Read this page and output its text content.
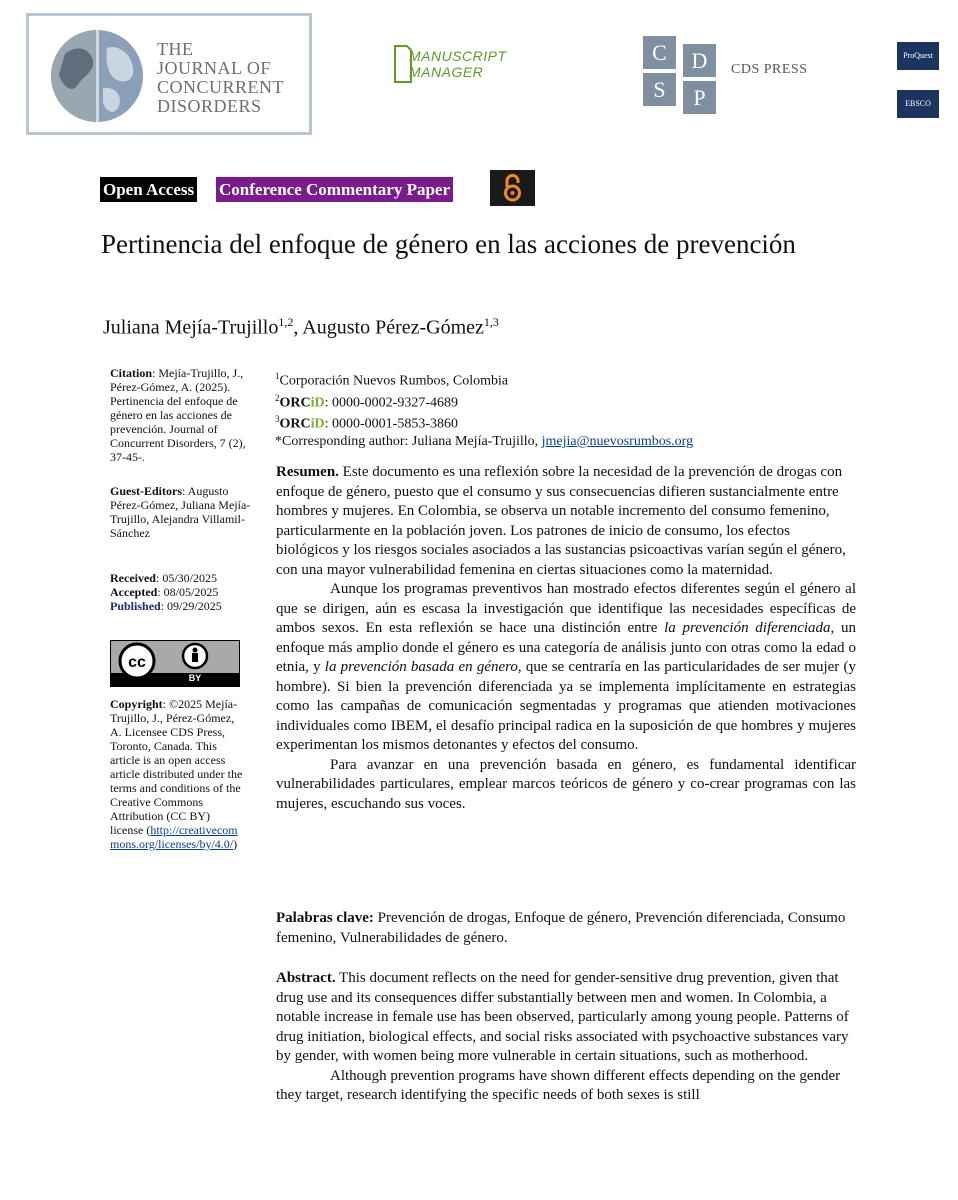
THE
JOURNAL OF
CONCURRENT
DISORDERS
MANUSCRIPT
MANAGER
C	D
S	P
CDS PRESS
ProQuest
EBSCO
Open Access Conference Commentary Paper
Pertinencia del enfoque de género en las acciones de prevención
Juliana Mejía-Trujillo$^{1,2}$, Augusto Pérez-Gómez$^{1,3}$
Citation: Mejía-Trujillo, J., Pérez-Gómez, A. (2025). Pertinencia del enfoque de género en las acciones de prevención. Journal of Concurrent Disorders, 7 (2), 37-45-.
Guest-Editors: Augusto Pérez-Gómez, Juliana Mejía-Trujillo, Alejandra Villamil-Sánchez
Received: 05/30/2025
Accepted: 08/05/2025
Published: 09/29/2025
cc
BY
Copyright: ©2025 Mejía-Trujillo, J., Pérez-Gómez, A. Licensee CDS Press, Toronto, Canada. This article is an open access article distributed under the terms and conditions of the Creative Commons Attribution (CC BY) license (http://creativecommons.org/licenses/by/4.0/)
$^1$Corporación Nuevos Rumbos, Colombia
$^2$ORCiD: 0000-0002-9327-4689
$^3$ORCiD: 0000-0001-5853-3860
*Corresponding author: Juliana Mejía-Trujillo, jmejia@nuevosrumbos.org

Resumen. Este documento es una reflexión sobre la necesidad de la prevención de drogas con enfoque de género, puesto que el consumo y sus consecuencias difieren sustancialmente entre hombres y mujeres. En Colombia, se observa un notable incremento del consumo femenino, particularmente en la población joven. Los patrones de inicio de consumo, los efectos biológicos y los riesgos sociales asociados a las sustancias psicoactivas varían según el género, con una mayor vulnerabilidad femenina en ciertas situaciones como la maternidad.

Aunque los programas preventivos han mostrado efectos diferentes según el género al que se dirigen, aún es escasa la investigación que identifique las necesidades específicas de ambos sexos. En esta reflexión se hace una distinción entre la prevención diferenciada, un enfoque más amplio donde el género es una categoría de análisis junto con otras como la edad o etnia, y la prevención basada en género, que se centraría en las particularidades de ser mujer (y hombre). Si bien la prevención diferenciada ya se implementa implícitamente en estrategias como las campañas de comunicación segmentadas y programas que atienden motivaciones individuales como IBEM, el desafío principal radica en la suposición de que hombres y mujeres experimentan los mismos detonantes y efectos del consumo.

Para avanzar en una prevención basada en género, es fundamental identificar vulnerabilidades particulares, emplear marcos teóricos de género y co-crear programas con las mujeres, escuchando sus voces.

Palabras clave: Prevención de drogas, Enfoque de género, Prevención diferenciada, Consumo femenino, Vulnerabilidades de género.

Abstract. This document reflects on the need for gender-sensitive drug prevention, given that drug use and its consequences differ substantially between men and women. In Colombia, a notable increase in female use has been observed, particularly among young people. Patterns of drug initiation, biological effects, and social risks associated with psychoactive substances vary by gender, with women being more vulnerable in certain situations, such as motherhood.

Although prevention programs have shown different effects depending on the gender they target, research identifying the specific needs of both sexes is still
